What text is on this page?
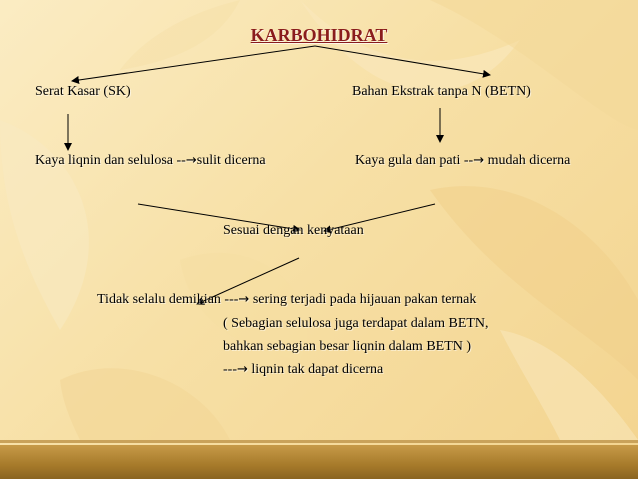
KARBOHIDRAT
Serat Kasar (SK)	Bahan Ekstrak tanpa N (BETN)
Kaya liqnin dan selulosa --→sulit dicerna	Kaya gula dan pati --→ mudah dicerna
Sesuai dengan kenyataan
Tidak selalu demikian ---→ sering terjadi pada hijauan pakan ternak
( Sebagian selulosa juga terdapat dalam BETN,
bahkan sebagian besar liqnin dalam BETN )
---→ liqnin tak dapat dicerna
